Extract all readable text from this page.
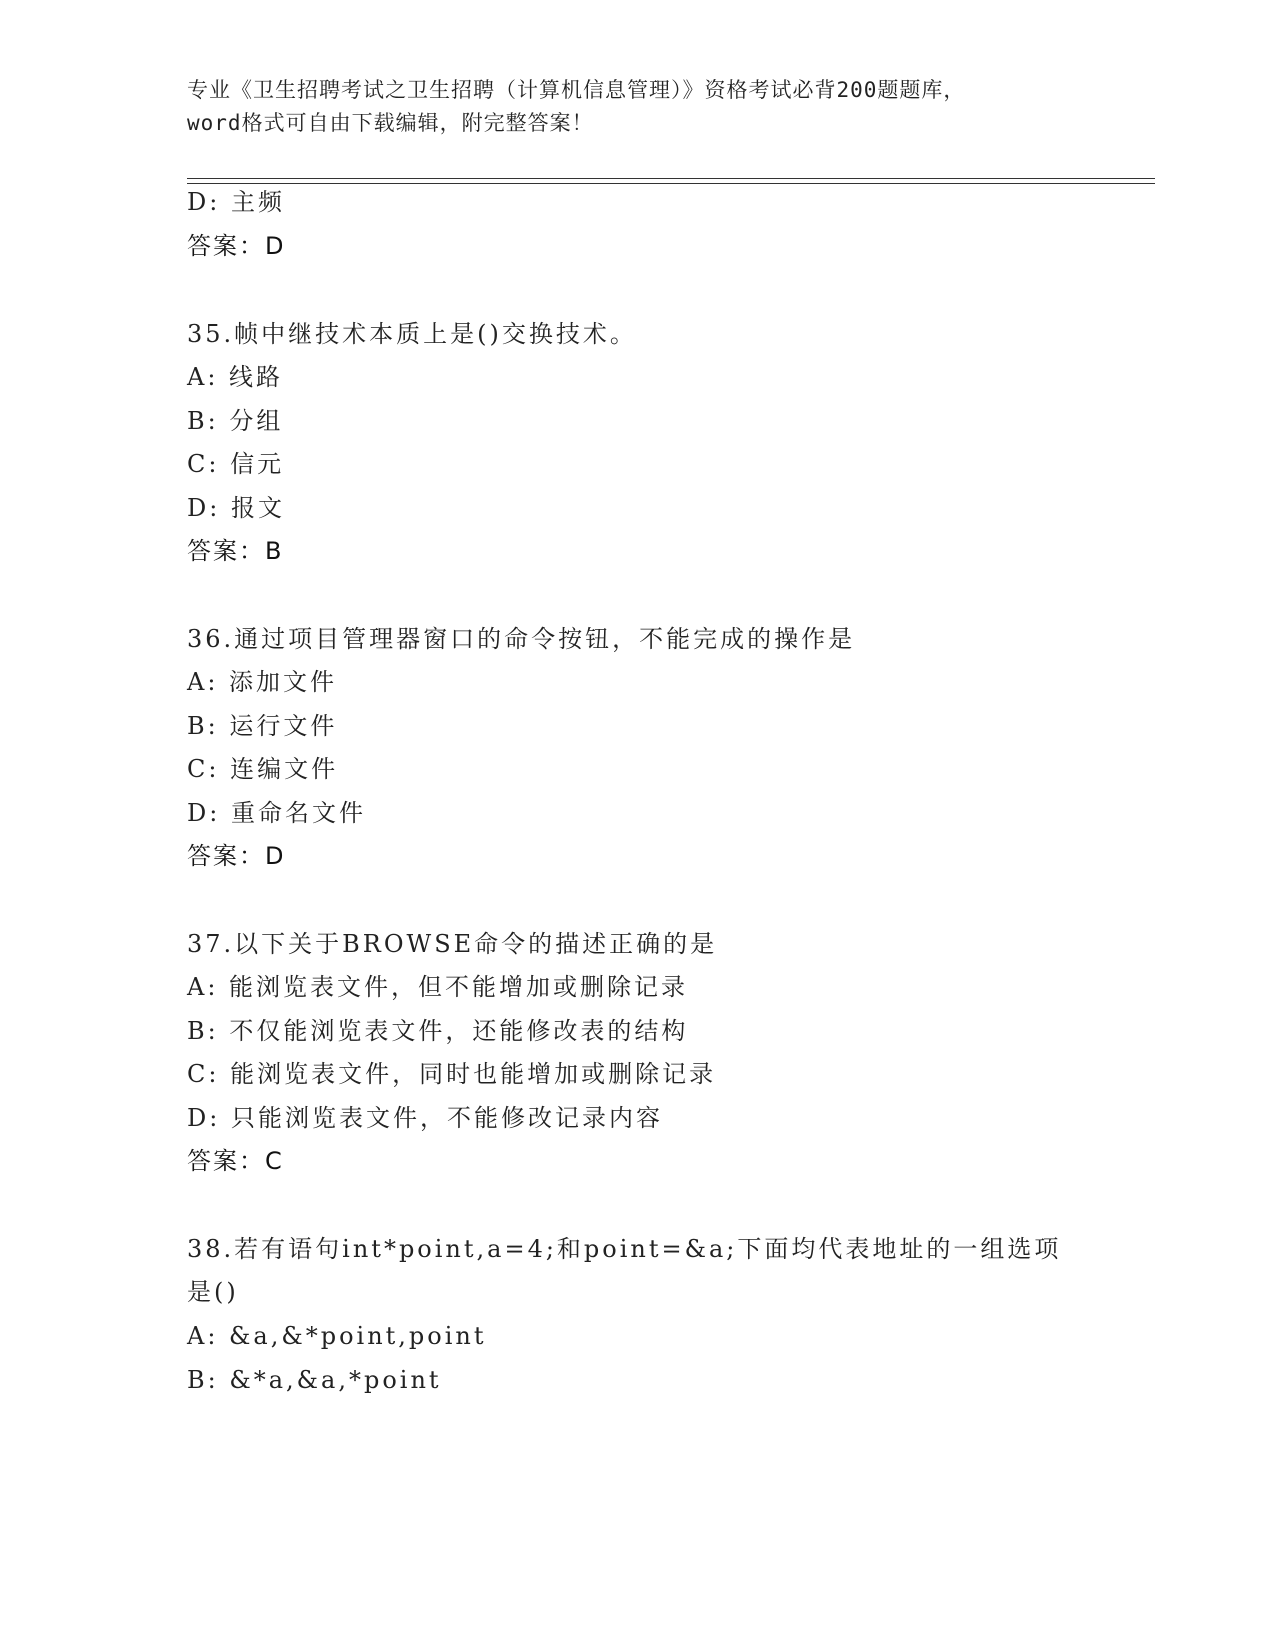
专业《卫生招聘考试之卫生招聘（计算机信息管理）》资格考试必背200题题库，
word格式可自由下载编辑，附完整答案！
D: 主频
答案：D
35.帧中继技术本质上是()交换技术。
A: 线路
B: 分组
C: 信元
D: 报文
答案：B
36.通过项目管理器窗口的命令按钮，不能完成的操作是
A: 添加文件
B: 运行文件
C: 连编文件
D: 重命名文件
答案：D
37.以下关于BROWSE命令的描述正确的是
A: 能浏览表文件，但不能增加或删除记录
B: 不仅能浏览表文件，还能修改表的结构
C: 能浏览表文件，同时也能增加或删除记录
D: 只能浏览表文件，不能修改记录内容
答案：C
38.若有语句int*point,a=4;和point=&a;下面均代表地址的一组选项
是()
A: &a,&*point,point
B: &*a,&a,*point
